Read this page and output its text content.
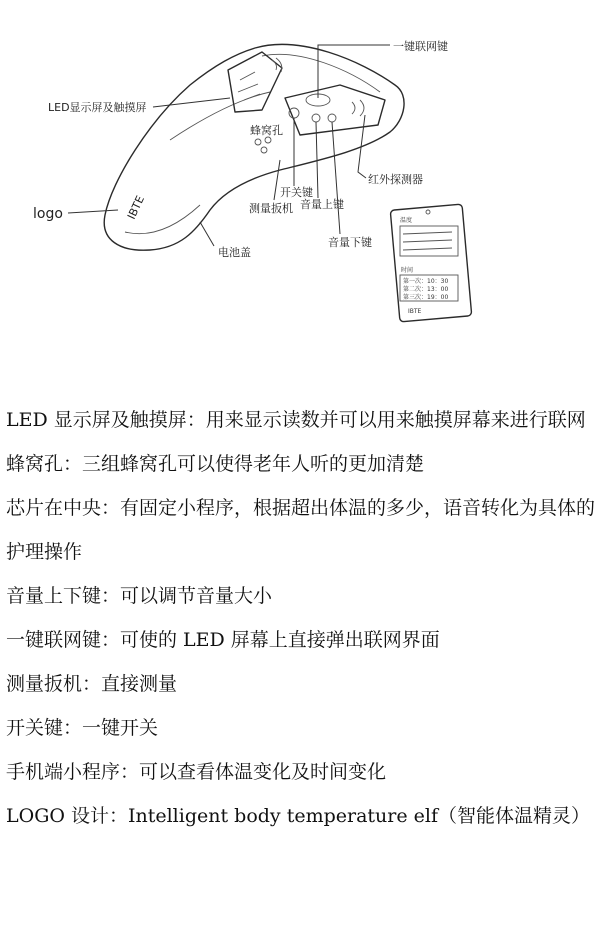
IBTE
一键联网键
LED显示屏及触摸屏
蜂窝孔
红外探测器
开关键
测量扳机 音量上键
音量下键
电池盖
logo	温度
时间
第一次：10：30
第二次：13：00
第三次：19：00
IBTE

LED 显示屏及触摸屏：用来显示读数并可以用来触摸屏幕来进行联网

蜂窝孔：三组蜂窝孔可以使得老年人听的更加清楚

芯片在中央：有固定小程序，根据超出体温的多少，语音转化为具体的护理操作

音量上下键：可以调节音量大小

一键联网键：可使的 LED 屏幕上直接弹出联网界面

测量扳机：直接测量

开关键：一键开关

手机端小程序：可以查看体温变化及时间变化

LOGO 设计：Intelligent body temperature elf（智能体温精灵）
